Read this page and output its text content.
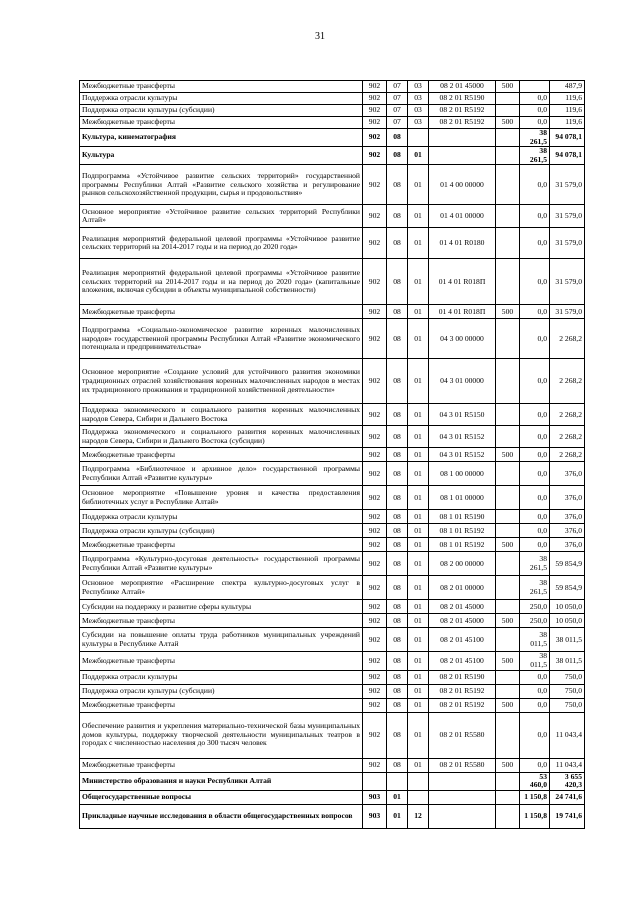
31
Межбюджетные трансферты	902	07	03	08 2 01 45000	500		487,9
Поддержка отрасли культуры	902	07	03	08 2 01 R5190		0,0	119,6
Поддержка отрасли культуры (субсидии)	902	07	03	08 2 01 R5192		0,0	119,6
Межбюджетные трансферты	902	07	03	08 2 01 R5192	500	0,0	119,6
Культура, кинематография	902	08				38 261,5	94 078,1
Культура	902	08	01			38 261,5	94 078,1
Подпрограмма «Устойчивое развитие сельских территорий» государственной программы Республики Алтай «Развитие сельского хозяйства и регулирование рынков сельскохозяйственной продукции, сырья и продовольствия»	902	08	01	01 4 00 00000		0,0	31 579,0
Основное мероприятие «Устойчивое развитие сельских территорий Республики Алтай»	902	08	01	01 4 01 00000		0,0	31 579,0
Реализация мероприятий федеральной целевой программы «Устойчивое развитие сельских территорий на 2014-2017 годы и на период до 2020 года»	902	08	01	01 4 01 R0180		0,0	31 579,0
Реализация мероприятий федеральной целевой программы «Устойчивое развитие сельских территорий на 2014-2017 годы и на период до 2020 года» (капитальные вложения, включая субсидии в объекты муниципальной собственности)	902	08	01	01 4 01 R018П		0,0	31 579,0
Межбюджетные трансферты	902	08	01	01 4 01 R018П	500	0,0	31 579,0
Подпрограмма «Социально-экономическое развитие коренных малочисленных народов» государственной программы Республики Алтай «Развитие экономического потенциала и предпринимательства»	902	08	01	04 3 00 00000		0,0	2 268,2
Основное мероприятие «Создание условий для устойчивого развития экономики традиционных отраслей хозяйствования коренных малочисленных народов в местах их традиционного проживания и традиционной хозяйственной деятельности»	902	08	01	04 3 01 00000		0,0	2 268,2
Поддержка экономического и социального развития коренных малочисленных народов Севера, Сибири и Дальнего Востока	902	08	01	04 3 01 R5150		0,0	2 268,2
Поддержка экономического и социального развития коренных малочисленных народов Севера, Сибири и Дальнего Востока (субсидии)	902	08	01	04 3 01 R5152		0,0	2 268,2
Межбюджетные трансферты	902	08	01	04 3 01 R5152	500	0,0	2 268,2
Подпрограмма «Библиотечное и архивное дело» государственной программы Республики Алтай «Развитие культуры»	902	08	01	08 1 00 00000		0,0	376,0
Основное мероприятие «Повышение уровня и качества предоставления библиотечных услуг в Республике Алтай»	902	08	01	08 1 01 00000		0,0	376,0
Поддержка отрасли культуры	902	08	01	08 1 01 R5190		0,0	376,0
Поддержка отрасли культуры (субсидии)	902	08	01	08 1 01 R5192		0,0	376,0
Межбюджетные трансферты	902	08	01	08 1 01 R5192	500	0,0	376,0
Подпрограмма «Культурно-досуговая деятельность» государственной программы Республики Алтай «Развитие культуры»	902	08	01	08 2 00 00000		38 261,5	59 854,9
Основное мероприятие «Расширение спектра культурно-досуговых услуг в Республике Алтай»	902	08	01	08 2 01 00000		38 261,5	59 854,9
Субсидии на поддержку и развитие сферы культуры	902	08	01	08 2 01 45000		250,0	10 050,0
Межбюджетные трансферты	902	08	01	08 2 01 45000	500	250,0	10 050,0
Субсидии на повышение оплаты труда работников муниципальных учреждений культуры в Республике Алтай	902	08	01	08 2 01 45100		38 011,5	38 011,5
Межбюджетные трансферты	902	08	01	08 2 01 45100	500	38 011,5	38 011,5
Поддержка отрасли культуры	902	08	01	08 2 01 R5190		0,0	750,0
Поддержка отрасли культуры (субсидии)	902	08	01	08 2 01 R5192		0,0	750,0
Межбюджетные трансферты	902	08	01	08 2 01 R5192	500	0,0	750,0
Обеспечение развития и укрепления материально-технической базы муниципальных домов культуры, поддержку творческой деятельности муниципальных театров в городах с численностью населения до 300 тысяч человек	902	08	01	08 2 01 R5580		0,0	11 043,4
Межбюджетные трансферты	902	08	01	08 2 01 R5580	500	0,0	11 043,4
Министерство образования и науки Республики Алтай						53 460,0	3 655 420,3
Общегосударственные вопросы	903	01				1 150,8	24 741,6
Прикладные научные исследования в области общегосударственных вопросов	903	01	12			1 150,8	19 741,6
